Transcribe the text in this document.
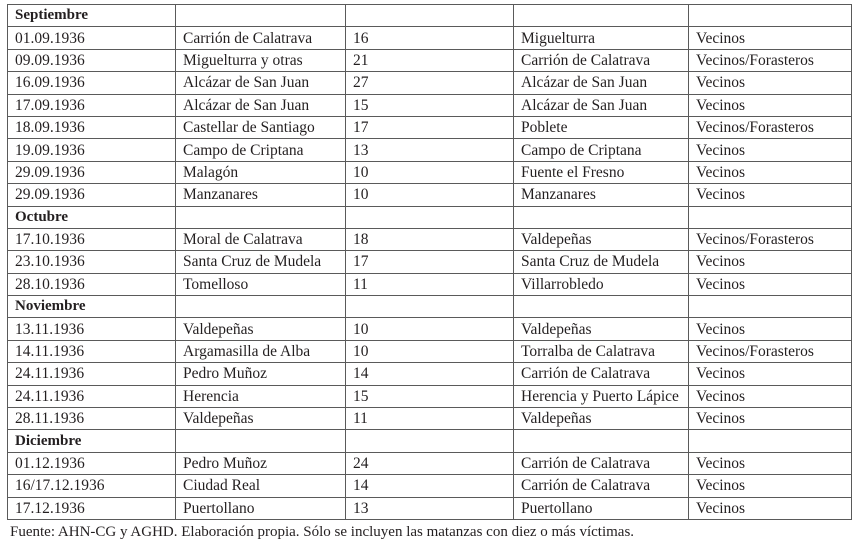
Septiembre				
01.09.1936	Carrión de Calatrava	16	Miguelturra	Vecinos
09.09.1936	Miguelturra y otras	21	Carrión de Calatrava	Vecinos/Forasteros
16.09.1936	Alcázar de San Juan	27	Alcázar de San Juan	Vecinos
17.09.1936	Alcázar de San Juan	15	Alcázar de San Juan	Vecinos
18.09.1936	Castellar de Santiago	17	Poblete	Vecinos/Forasteros
19.09.1936	Campo de Criptana	13	Campo de Criptana	Vecinos
29.09.1936	Malagón	10	Fuente el Fresno	Vecinos
29.09.1936	Manzanares	10	Manzanares	Vecinos
Octubre				
17.10.1936	Moral de Calatrava	18	Valdepeñas	Vecinos/Forasteros
23.10.1936	Santa Cruz de Mudela	17	Santa Cruz de Mudela	Vecinos
28.10.1936	Tomelloso	11	Villarrobledo	Vecinos
Noviembre				
13.11.1936	Valdepeñas	10	Valdepeñas	Vecinos
14.11.1936	Argamasilla de Alba	10	Torralba de Calatrava	Vecinos/Forasteros
24.11.1936	Pedro Muñoz	14	Carrión de Calatrava	Vecinos
24.11.1936	Herencia	15	Herencia y Puerto Lápice	Vecinos
28.11.1936	Valdepeñas	11	Valdepeñas	Vecinos
Diciembre				
01.12.1936	Pedro Muñoz	24	Carrión de Calatrava	Vecinos
16/17.12.1936	Ciudad Real	14	Carrión de Calatrava	Vecinos
17.12.1936	Puertollano	13	Puertollano	Vecinos
Fuente: AHN-CG y AGHD. Elaboración propia. Sólo se incluyen las matanzas con diez o más víctimas.
